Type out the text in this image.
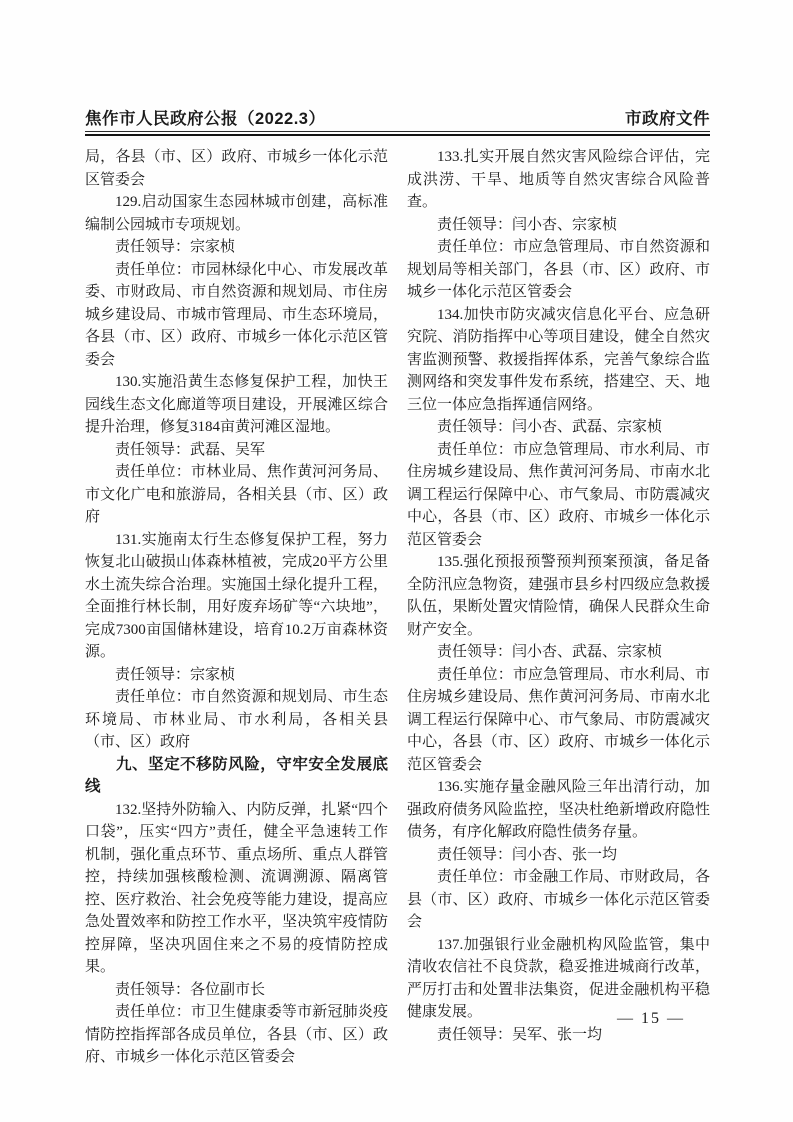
焦作市人民政府公报（2022.3）	市政府文件

局，各县（市、区）政府、市城乡一体化示范区管委会

129.启动国家生态园林城市创建，高标准编制公园城市专项规划。

责任领导：宗家桢

责任单位：市园林绿化中心、市发展改革委、市财政局、市自然资源和规划局、市住房城乡建设局、市城市管理局、市生态环境局，各县（市、区）政府、市城乡一体化示范区管委会

130.实施沿黄生态修复保护工程，加快王园线生态文化廊道等项目建设，开展滩区综合提升治理，修复3184亩黄河滩区湿地。

责任领导：武磊、吴军

责任单位：市林业局、焦作黄河河务局、市文化广电和旅游局，各相关县（市、区）政府

131.实施南太行生态修复保护工程，努力恢复北山破损山体森林植被，完成20平方公里水土流失综合治理。实施国土绿化提升工程，全面推行林长制，用好废弃场矿等“六块地”，完成7300亩国储林建设，培育10.2万亩森林资源。

责任领导：宗家桢

责任单位：市自然资源和规划局、市生态环境局、市林业局、市水利局，各相关县（市、区）政府

九、坚定不移防风险，守牢安全发展底线

132.坚持外防输入、内防反弹，扎紧“四个口袋”，压实“四方”责任，健全平急速转工作机制，强化重点环节、重点场所、重点人群管控，持续加强核酸检测、流调溯源、隔离管控、医疗救治、社会免疫等能力建设，提高应急处置效率和防控工作水平，坚决筑牢疫情防控屏障，坚决巩固住来之不易的疫情防控成果。

责任领导：各位副市长

责任单位：市卫生健康委等市新冠肺炎疫情防控指挥部各成员单位，各县（市、区）政府、市城乡一体化示范区管委会

133.扎实开展自然灾害风险综合评估，完成洪涝、干旱、地质等自然灾害综合风险普查。

责任领导：闫小杏、宗家桢

责任单位：市应急管理局、市自然资源和规划局等相关部门，各县（市、区）政府、市城乡一体化示范区管委会

134.加快市防灾减灾信息化平台、应急研究院、消防指挥中心等项目建设，健全自然灾害监测预警、救援指挥体系，完善气象综合监测网络和突发事件发布系统，搭建空、天、地三位一体应急指挥通信网络。

责任领导：闫小杏、武磊、宗家桢

责任单位：市应急管理局、市水利局、市住房城乡建设局、焦作黄河河务局、市南水北调工程运行保障中心、市气象局、市防震减灾中心，各县（市、区）政府、市城乡一体化示范区管委会

135.强化预报预警预判预案预演，备足备全防汛应急物资，建强市县乡村四级应急救援队伍，果断处置灾情险情，确保人民群众生命财产安全。

责任领导：闫小杏、武磊、宗家桢

责任单位：市应急管理局、市水利局、市住房城乡建设局、焦作黄河河务局、市南水北调工程运行保障中心、市气象局、市防震减灾中心，各县（市、区）政府、市城乡一体化示范区管委会

136.实施存量金融风险三年出清行动，加强政府债务风险监控，坚决杜绝新增政府隐性债务，有序化解政府隐性债务存量。

责任领导：闫小杏、张一均

责任单位：市金融工作局、市财政局，各县（市、区）政府、市城乡一体化示范区管委会

137.加强银行业金融机构风险监管，集中清收农信社不良贷款，稳妥推进城商行改革，严厉打击和处置非法集资，促进金融机构平稳健康发展。

责任领导：吴军、张一均

— 15 —
